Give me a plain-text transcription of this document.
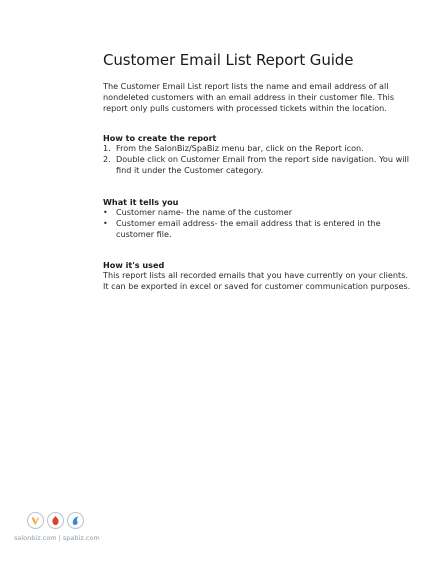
Customer Email List Report Guide
The Customer Email List report lists the name and email address of all nondeleted customers with an email address in their customer file. This report only pulls customers with processed tickets within the location.
How to create the report
1. From the SalonBiz/SpaBiz menu bar, click on the Report icon.
2. Double click on Customer Email from the report side navigation. You will find it under the Customer category.
What it tells you
• Customer name- the name of the customer
• Customer email address- the email address that is entered in the customer file.
How it's used
This report lists all recorded emails that you have currently on your clients. It can be exported in excel or saved for customer communication purposes.
salonbiz.com | spabiz.com
